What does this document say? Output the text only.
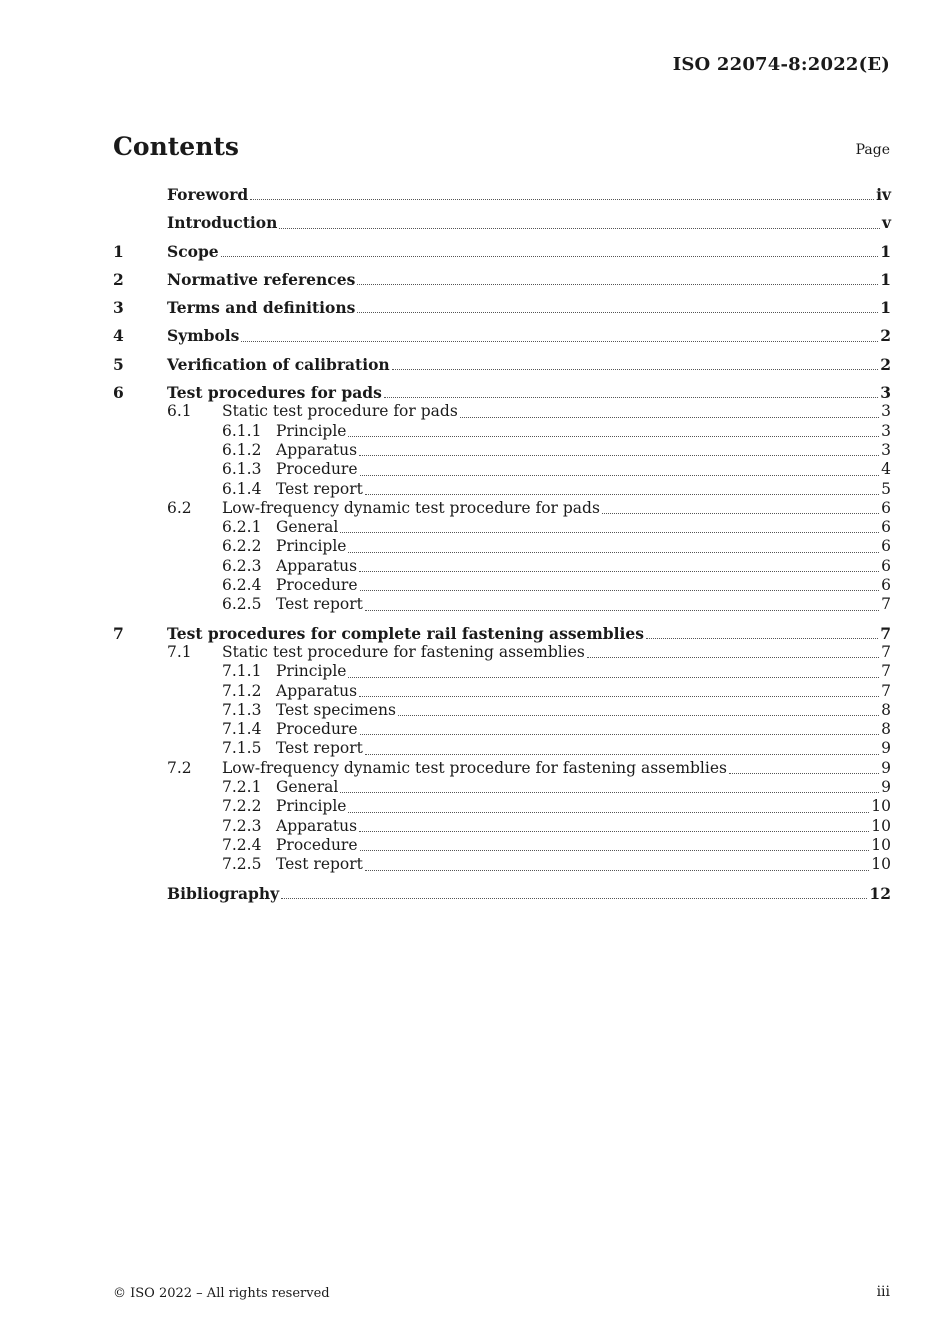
ISO 22074-8:2022(E)
Contents	Page
Foreword	iv
Introduction	v
1	Scope	1
2	Normative references	1
3	Terms and definitions	1
4	Symbols	2
5	Verification of calibration	2
6	Test procedures for pads	3
6.1	Static test procedure for pads	3
6.1.1 Principle	3
6.1.2 Apparatus	3
6.1.3 Procedure	4
6.1.4 Test report	5
6.2	Low-frequency dynamic test procedure for pads	6
6.2.1 General	6
6.2.2 Principle	6
6.2.3 Apparatus	6
6.2.4 Procedure	6
6.2.5 Test report	7
7	Test procedures for complete rail fastening assemblies	7
7.1	Static test procedure for fastening assemblies	7
7.1.1 Principle	7
7.1.2 Apparatus	7
7.1.3 Test specimens	8
7.1.4 Procedure	8
7.1.5 Test report	9
7.2	Low-frequency dynamic test procedure for fastening assemblies	9
7.2.1 General	9
7.2.2 Principle	10
7.2.3 Apparatus	10
7.2.4 Procedure	10
7.2.5 Test report	10
Bibliography	12
© ISO 2022 – All rights reserved	iii
